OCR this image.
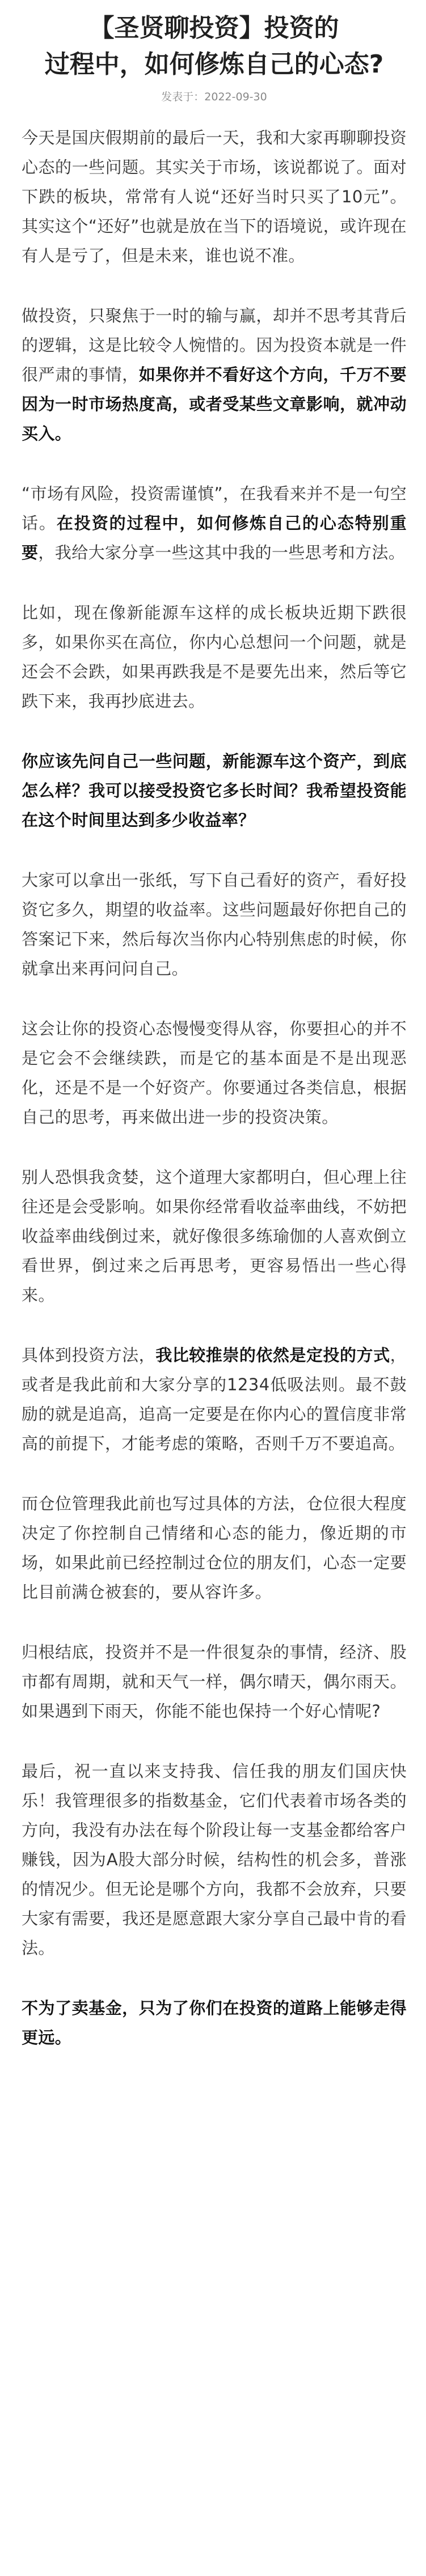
【圣贤聊投资】投资的
过程中，如何修炼自己的心态?
发表于：2022-09-30

今天是国庆假期前的最后一天，我和大家再聊聊投资心态的一些问题。其实关于市场，该说都说了。面对下跌的板块，常常有人说“还好当时只买了10元”。其实这个“还好”也就是放在当下的语境说，或许现在有人是亏了，但是未来，谁也说不准。

做投资，只聚焦于一时的输与赢，却并不思考其背后的逻辑，这是比较令人惋惜的。因为投资本就是一件很严肃的事情，如果你并不看好这个方向，千万不要因为一时市场热度高，或者受某些文章影响，就冲动买入。

“市场有风险，投资需谨慎”，在我看来并不是一句空话。在投资的过程中，如何修炼自己的心态特别重要，我给大家分享一些这其中我的一些思考和方法。

比如，现在像新能源车这样的成长板块近期下跌很多，如果你买在高位，你内心总想问一个问题，就是还会不会跌，如果再跌我是不是要先出来，然后等它跌下来，我再抄底进去。

你应该先问自己一些问题，新能源车这个资产，到底怎么样？我可以接受投资它多长时间？我希望投资能在这个时间里达到多少收益率？

大家可以拿出一张纸，写下自己看好的资产，看好投资它多久，期望的收益率。这些问题最好你把自己的答案记下来，然后每次当你内心特别焦虑的时候，你就拿出来再问问自己。

这会让你的投资心态慢慢变得从容，你要担心的并不是它会不会继续跌，而是它的基本面是不是出现恶化，还是不是一个好资产。你要通过各类信息，根据自己的思考，再来做出进一步的投资决策。

别人恐惧我贪婪，这个道理大家都明白，但心理上往往还是会受影响。如果你经常看收益率曲线，不妨把收益率曲线倒过来，就好像很多练瑜伽的人喜欢倒立看世界，倒过来之后再思考，更容易悟出一些心得来。

具体到投资方法，我比较推崇的依然是定投的方式，或者是我此前和大家分享的1234低吸法则。最不鼓励的就是追高，追高一定要是在你内心的置信度非常高的前提下，才能考虑的策略，否则千万不要追高。

而仓位管理我此前也写过具体的方法，仓位很大程度决定了你控制自己情绪和心态的能力，像近期的市场，如果此前已经控制过仓位的朋友们，心态一定要比目前满仓被套的，要从容许多。

归根结底，投资并不是一件很复杂的事情，经济、股市都有周期，就和天气一样，偶尔晴天，偶尔雨天。如果遇到下雨天，你能不能也保持一个好心情呢?

最后，祝一直以来支持我、信任我的朋友们国庆快乐！我管理很多的指数基金，它们代表着市场各类的方向，我没有办法在每个阶段让每一支基金都给客户赚钱，因为A股大部分时候，结构性的机会多，普涨的情况少。但无论是哪个方向，我都不会放弃，只要大家有需要，我还是愿意跟大家分享自己最中肯的看法。

不为了卖基金，只为了你们在投资的道路上能够走得更远。
